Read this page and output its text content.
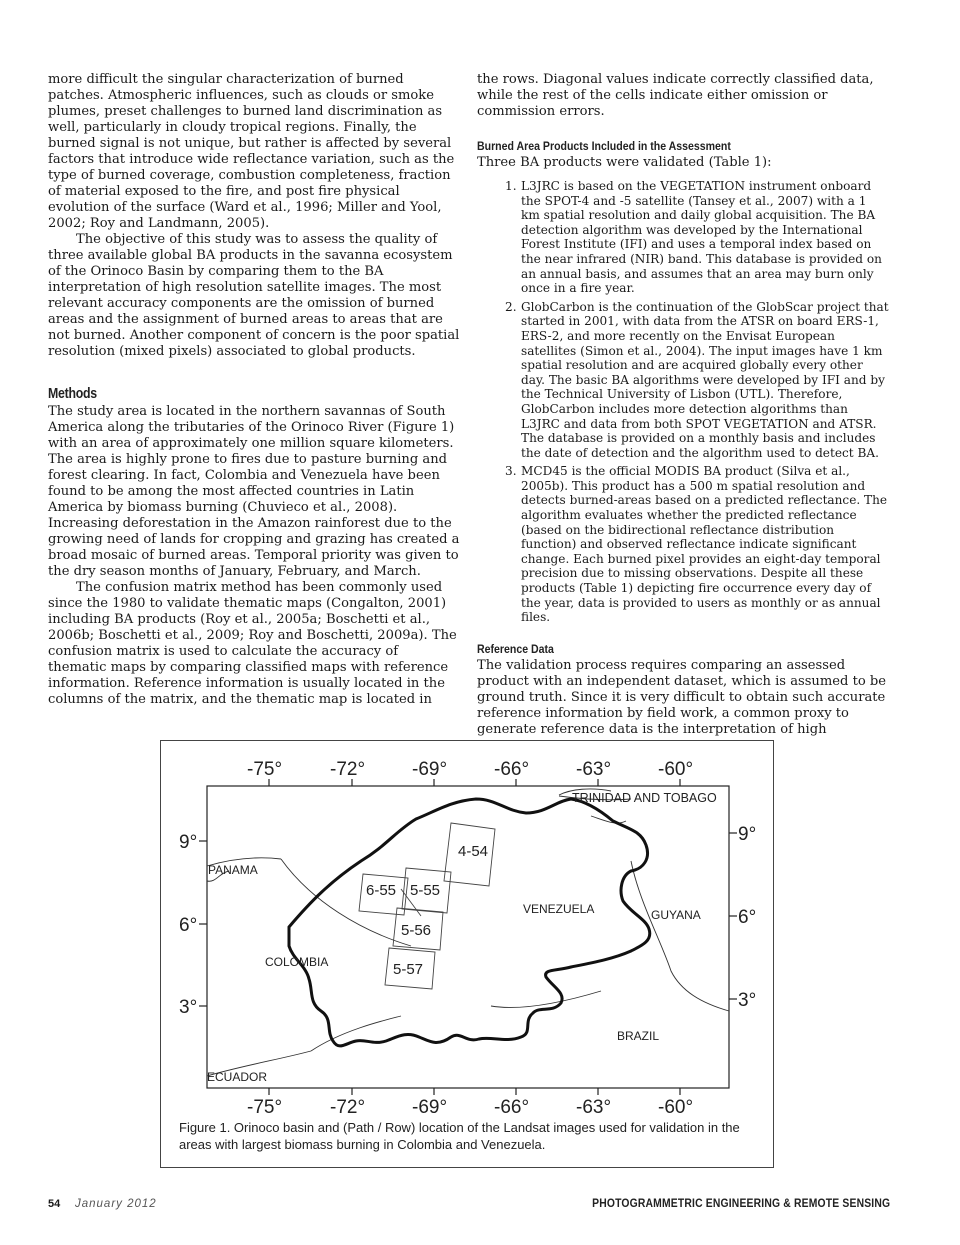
more difficult the singular characterization of burned patches. Atmospheric influences, such as clouds or smoke plumes, preset challenges to burned land discrimination as well, particularly in cloudy tropical regions. Finally, the burned signal is not unique, but rather is affected by several factors that introduce wide reflectance variation, such as the type of burned coverage, combustion completeness, fraction of material exposed to the fire, and post fire physical evolution of the surface (Ward et al., 1996; Miller and Yool, 2002; Roy and Landmann, 2005).

The objective of this study was to assess the quality of three available global BA products in the savanna ecosystem of the Orinoco Basin by comparing them to the BA interpretation of high resolution satellite images. The most relevant accuracy components are the omission of burned areas and the assignment of burned areas to areas that are not burned. Another component of concern is the poor spatial resolution (mixed pixels) associated to global products.

Methods

The study area is located in the northern savannas of South America along the tributaries of the Orinoco River (Figure 1) with an area of approximately one million square kilometers. The area is highly prone to fires due to pasture burning and forest clearing. In fact, Colombia and Venezuela have been found to be among the most affected countries in Latin America by biomass burning (Chuvieco et al., 2008). Increasing deforestation in the Amazon rainforest due to the growing need of lands for cropping and grazing has created a broad mosaic of burned areas. Temporal priority was given to the dry season months of January, February, and March.

The confusion matrix method has been commonly used since the 1980 to validate thematic maps (Congalton, 2001) including BA products (Roy et al., 2005a; Boschetti et al., 2006b; Boschetti et al., 2009; Roy and Boschetti, 2009a). The confusion matrix is used to calculate the accuracy of thematic maps by comparing classified maps with reference information. Reference information is usually located in the columns of the matrix, and the thematic map is located in

the rows. Diagonal values indicate correctly classified data, while the rest of the cells indicate either omission or commission errors.

Burned Area Products Included in the Assessment

Three BA products were validated (Table 1):

1. L3JRC is based on the VEGETATION instrument onboard the SPOT-4 and -5 satellite (Tansey et al., 2007) with a 1 km spatial resolution and daily global acquisition. The BA detection algorithm was developed by the International Forest Institute (IFI) and uses a temporal index based on the near infrared (NIR) band. This database is provided on an annual basis, and assumes that an area may burn only once in a fire year.
2. GlobCarbon is the continuation of the GlobScar project that started in 2001, with data from the ATSR on board ERS-1, ERS-2, and more recently on the Envisat European satellites (Simon et al., 2004). The input images have 1 km spatial resolution and are acquired globally every other day. The basic BA algorithms were developed by IFI and by the Technical University of Lisbon (UTL). Therefore, GlobCarbon includes more detection algorithms than L3JRC and data from both SPOT VEGETATION and ATSR. The database is provided on a monthly basis and includes the date of detection and the algorithm used to detect BA.
3. MCD45 is the official MODIS BA product (Silva et al., 2005b). This product has a 500 m spatial resolution and detects burned-areas based on a predicted reflectance. The algorithm evaluates whether the predicted reflectance (based on the bidirectional reflectance distribution function) and observed reflectance indicate significant change. Each burned pixel provides an eight-day temporal precision due to missing observations. Despite all these products (Table 1) depicting fire occurrence every day of the year, data is provided to users as monthly or as annual files.
Reference Data

The validation process requires comparing an assessed product with an independent dataset, which is assumed to be ground truth. Since it is very difficult to obtain such accurate reference information by field work, a common proxy to generate reference data is the interpretation of high

-75°	-72° -69° -66° -63° -60°
-75°	-72° -69° -66° -63° -60°
9°
6°
3°
9°
6°
3°
4-54
6-55 5-55
5-56
5-57
TRINIDAD AND TOBAGO
PANAMA
VENEZUELA	GUYANA
COLOMBIA
BRAZIL
ECUADOR
Figure 1. Orinoco basin and (Path / Row) location of the Landsat images used for validation in the areas with largest biomass burning in Colombia and Venezuela.
54 January 2012	PHOTOGRAMMETRIC ENGINEERING & REMOTE SENSING
